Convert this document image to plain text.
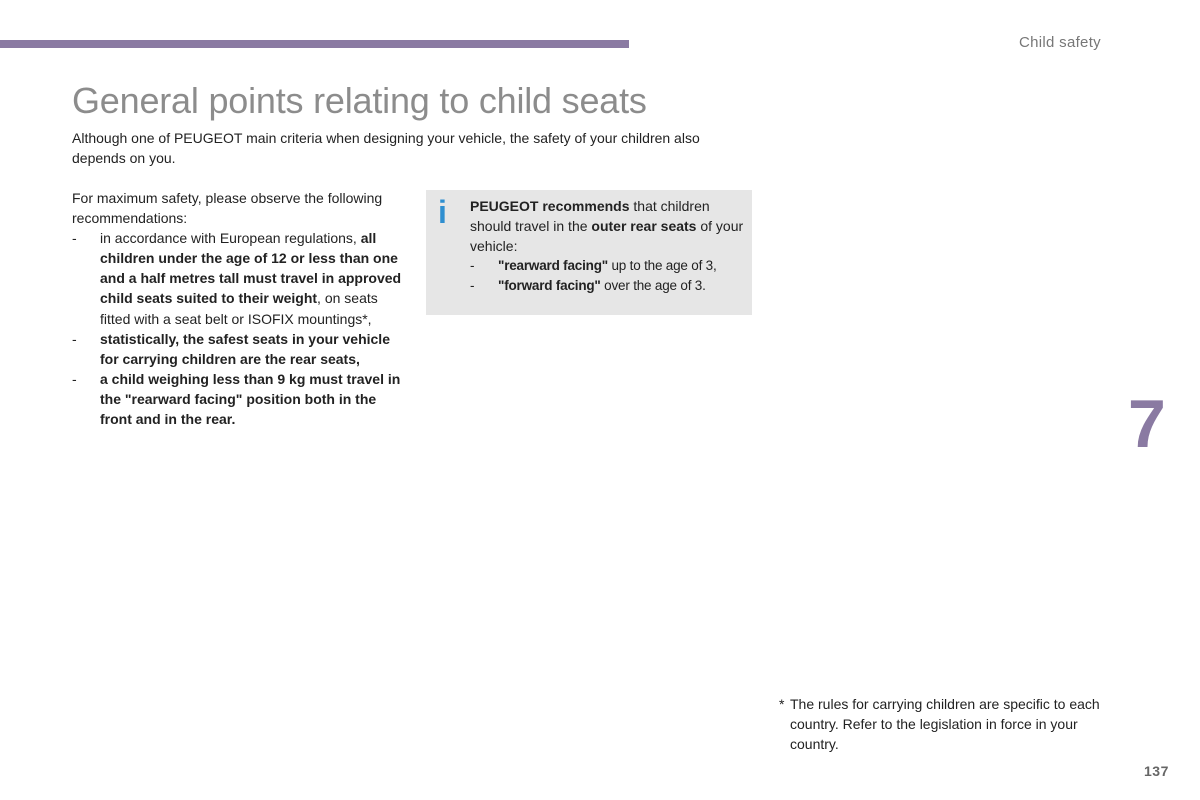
Child safety
General points relating to child seats

Although one of PEUGEOT main criteria when designing your vehicle, the safety of your children also depends on you.

For maximum safety, please observe the following recommendations:

- in accordance with European regulations, all children under the age of 12 or less than one and a half metres tall must travel in approved child seats suited to their weight, on seats fitted with a seat belt or ISOFIX mountings*,
- statistically, the safest seats in your vehicle for carrying children are the rear seats,
- a child weighing less than 9 kg must travel in the "rearward facing" position both in the front and in the rear.
i PEUGEOT recommends that children should travel in the outer rear seats of your vehicle:

- "rearward facing" up to the age of 3,
- "forward facing" over the age of 3.
7
* The rules for carrying children are specific to each country. Refer to the legislation in force in your country.
137
